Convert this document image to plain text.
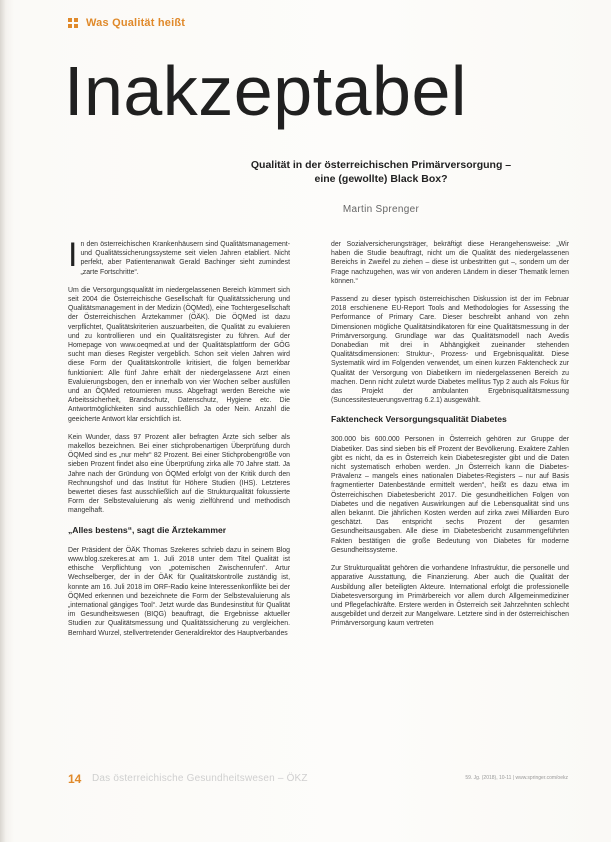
Was Qualität heißt
Inakzeptabel
Qualität in der österreichischen Primärversorgung –
eine (gewollte) Black Box?
Martin Sprenger

In den österreichischen Krankenhäusern sind Qualitätsmanagement- und Qualitätssicherungssysteme seit vielen Jahren etabliert. Nicht perfekt, aber Patientenanwalt Gerald Bachinger sieht zumindest „zarte Fortschritte“.

Um die Versorgungsqualität im niedergelassenen Bereich kümmert sich seit 2004 die Österreichische Gesellschaft für Qualitätssicherung und Qualitätsmanagement in der Medizin (ÖQMed), eine Tochtergesellschaft der Österreichischen Ärztekammer (ÖÄK). Die ÖQMed ist dazu verpflichtet, Qualitätskriterien auszuarbeiten, die Qualität zu evaluieren und zu kontrollieren und ein Qualitätsregister zu führen. Auf der Homepage von www.oeqmed.at und der Qualitätsplattform der GÖG sucht man dieses Register vergeblich. Schon seit vielen Jahren wird diese Form der Qualitätskontrolle kritisiert, die folgen bemerkbar funktioniert: Alle fünf Jahre erhält der niedergelassene Arzt einen Evaluierungsbogen, den er innerhalb von vier Wochen selber ausfüllen und an ÖQMed retournieren muss. Abgefragt werden Bereiche wie Arbeitssicherheit, Brandschutz, Datenschutz, Hygiene etc. Die Antwortmöglichkeiten sind ausschließlich Ja oder Nein. Anzahl die geeicherte Antwort klar ersichtlich ist.

Kein Wunder, dass 97 Prozent aller befragten Ärzte sich selber als makellos bezeichnen. Bei einer stichprobenartigen Überprüfung durch ÖQMed sind es „nur mehr“ 82 Prozent. Bei einer Stichprobengröße von sieben Prozent findet also eine Überprüfung zirka alle 70 Jahre statt. Ja Jahre nach der Gründung von ÖQMed erfolgt von der Kritik durch den Rechnungshof und das Institut für Höhere Studien (IHS). Letzteres bewertet dieses fast ausschließlich auf die Strukturqualität fokussierte Form der Selbstevaluierung als wenig zielführend und methodisch mangelhaft.

„Alles bestens“, sagt die Ärztekammer

Der Präsident der ÖÄK Thomas Szekeres schrieb dazu in seinem Blog www.blog.szekeres.at am 1. Juli 2018 unter dem Titel Qualität ist ethische Verpflichtung von „potemischen Zwischenrufen“. Artur Wechselberger, der in der ÖÄK für Qualitätskontrolle zuständig ist, konnte am 16. Juli 2018 im ORF-Radio keine Interessenkonflikte bei der ÖQMed erkennen und bezeichnete die Form der Selbstevaluierung als „international gängiges Tool“. Jetzt wurde das Bundesinstitut für Qualität im Gesundheitswesen (BIQG) beauftragt, die Ergebnisse aktueller Studien zur Qualitätsmessung und Qualitätssicherung zu vergleichen. Bernhard Wurzel, stellvertretender Generaldirektor des Hauptverbandes

der Sozialversicherungsträger, bekräftigt diese Herangehensweise: „Wir haben die Studie beauftragt, nicht um die Qualität des niedergelassenen Bereichs in Zweifel zu ziehen – diese ist unbestritten gut –, sondern um der Frage nachzugehen, was wir von anderen Ländern in dieser Thematik lernen können.“

Passend zu dieser typisch österreichischen Diskussion ist der im Februar 2018 erschienene EU-Report Tools and Methodologies for Assessing the Performance of Primary Care. Dieser beschreibt anhand von zehn Dimensionen mögliche Qualitätsindikatoren für eine Qualitätsmessung in der Primärversorgung. Grundlage war das Qualitätsmodell nach Avedis Donabedian mit drei in Abhängigkeit zueinander stehenden Qualitätsdimensionen: Struktur-, Prozess- und Ergebnisqualität. Diese Systematik wird im Folgenden verwendet, um einen kurzen Faktencheck zur Qualität der Versorgung von Diabetikern im niedergelassenen Bereich zu machen. Denn nicht zuletzt wurde Diabetes mellitus Typ 2 auch als Fokus für das Projekt der ambulanten Ergebnisqualitätsmessung (Suncessitesteuerungsvertrag 6.2.1) ausgewählt.

Faktencheck Versorgungsqualität Diabetes

300.000 bis 600.000 Personen in Österreich gehören zur Gruppe der Diabetiker. Das sind sieben bis elf Prozent der Bevölkerung. Exaktere Zahlen gibt es nicht, da es in Österreich kein Diabetesregister gibt und die Daten nicht systematisch erhoben werden. „In Österreich kann die Diabetes-Prävalenz – mangels eines nationalen Diabetes-Registers – nur auf Basis fragmentierter Datenbestände ermittelt werden“, heißt es dazu etwa im Österreichischen Diabetesbericht 2017. Die gesundheitlichen Folgen von Diabetes und die negativen Auswirkungen auf die Lebensqualität sind uns allen bekannt. Die jährlichen Kosten werden auf zirka zwei Milliarden Euro geschätzt. Das entspricht sechs Prozent der gesamten Gesundheitsausgaben. Alle diese im Diabetesbericht zusammengeführten Fakten bestätigen die große Bedeutung von Diabetes für moderne Gesundheitssysteme.

Zur Strukturqualität gehören die vorhandene Infrastruktur, die personelle und apparative Ausstattung, die Finanzierung. Aber auch die Qualität der Ausbildung aller beteiligten Akteure. International erfolgt die professionelle Diabetesversorgung im Primärbereich vor allem durch Allgemeinmediziner und Pflegefachkräfte. Erstere werden in Österreich seit Jahrzehnten schlecht ausgebildet und derzeit zur Mangelware. Letztere sind in der österreichischen Primärversorgung kaum vertreten

14 Das österreichische Gesundheitswesen – ÖKZ	59. Jg. (2018), 10-11 | www.springer.com/oekz
